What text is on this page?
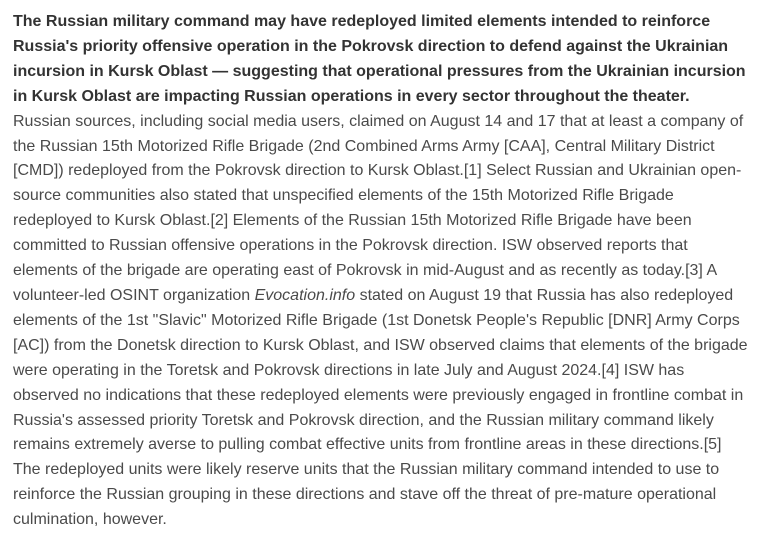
The Russian military command may have redeployed limited elements intended to reinforce Russia's priority offensive operation in the Pokrovsk direction to defend against the Ukrainian incursion in Kursk Oblast — suggesting that operational pressures from the Ukrainian incursion in Kursk Oblast are impacting Russian operations in every sector throughout the theater. Russian sources, including social media users, claimed on August 14 and 17 that at least a company of the Russian 15th Motorized Rifle Brigade (2nd Combined Arms Army [CAA], Central Military District [CMD]) redeployed from the Pokrovsk direction to Kursk Oblast.[1] Select Russian and Ukrainian open-source communities also stated that unspecified elements of the 15th Motorized Rifle Brigade redeployed to Kursk Oblast.[2] Elements of the Russian 15th Motorized Rifle Brigade have been committed to Russian offensive operations in the Pokrovsk direction. ISW observed reports that elements of the brigade are operating east of Pokrovsk in mid-August and as recently as today.[3] A volunteer-led OSINT organization Evocation.info stated on August 19 that Russia has also redeployed elements of the 1st "Slavic" Motorized Rifle Brigade (1st Donetsk People's Republic [DNR] Army Corps [AC]) from the Donetsk direction to Kursk Oblast, and ISW observed claims that elements of the brigade were operating in the Toretsk and Pokrovsk directions in late July and August 2024.[4] ISW has observed no indications that these redeployed elements were previously engaged in frontline combat in Russia's assessed priority Toretsk and Pokrovsk direction, and the Russian military command likely remains extremely averse to pulling combat effective units from frontline areas in these directions.[5] The redeployed units were likely reserve units that the Russian military command intended to use to reinforce the Russian grouping in these directions and stave off the threat of pre-mature operational culmination, however.
